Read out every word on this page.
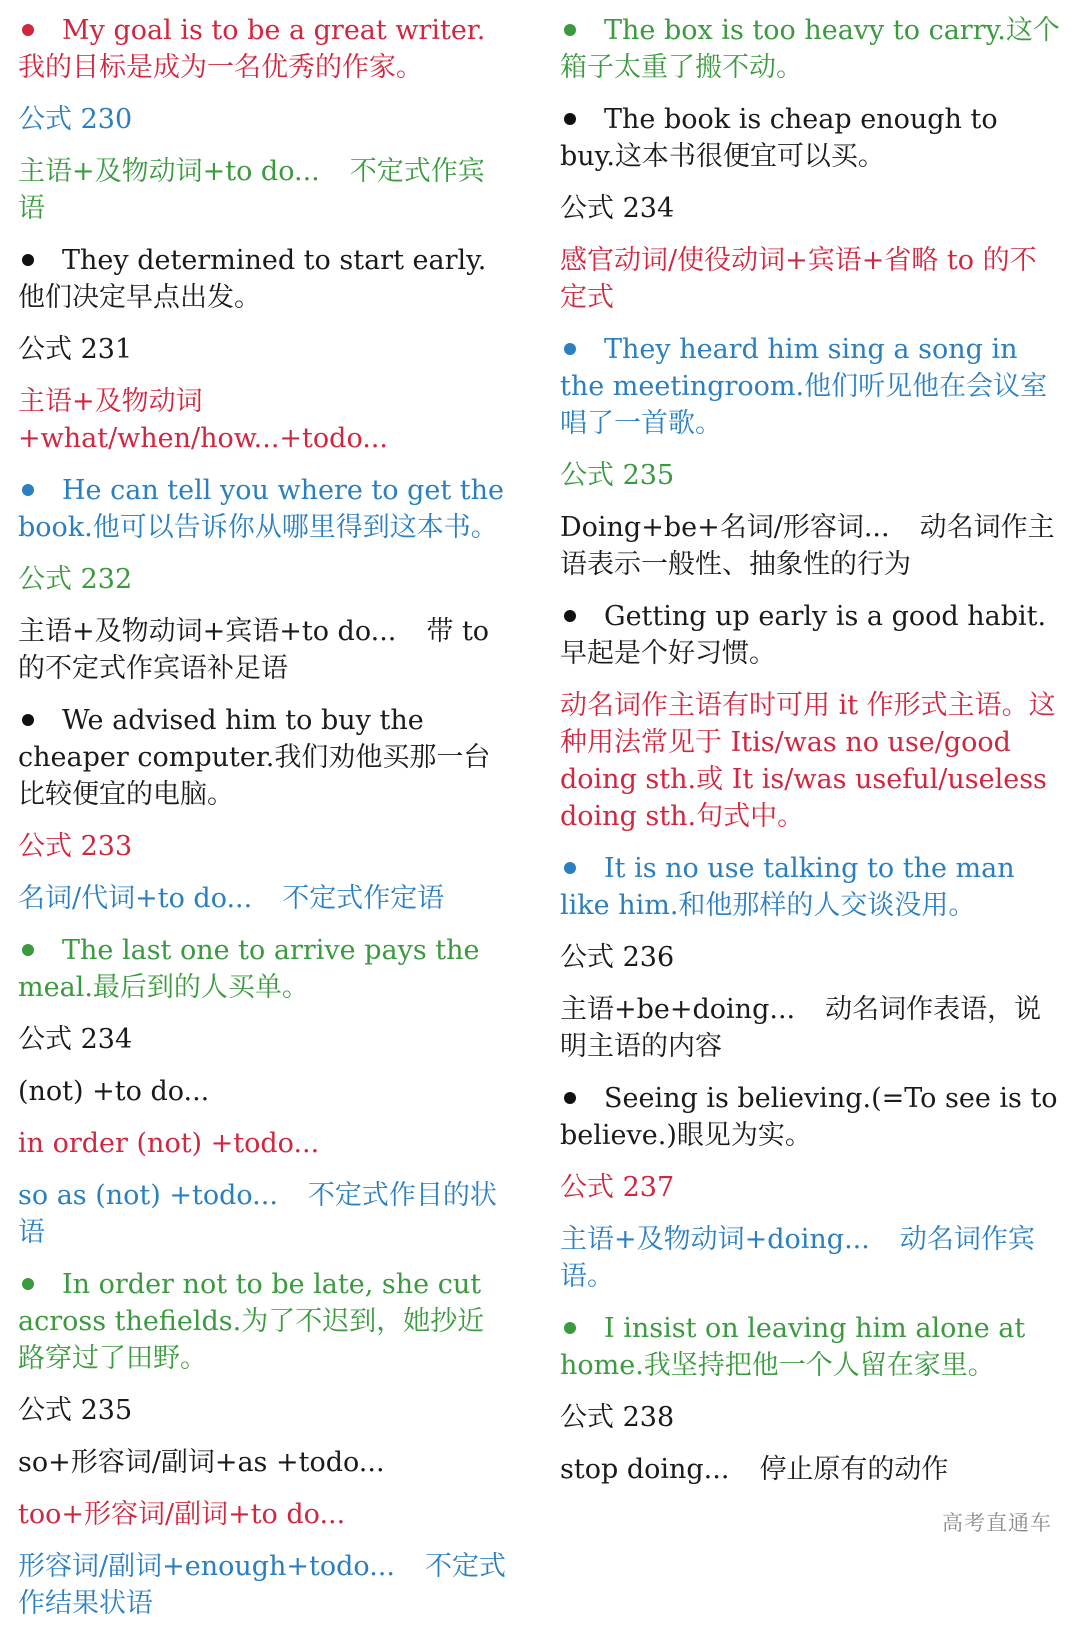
My goal is to be a great writer.我的目标是成为一名优秀的作家。
公式 230
主语+及物动词+to do... 不定式作宾语
They determined to start early.他们决定早点出发。
公式 231
主语+及物动词+what/when/how...+todo...
He can tell you where to get the book.他可以告诉你从哪里得到这本书。
公式 232
主语+及物动词+宾语+to do... 带 to 的不定式作宾语补足语
We advised him to buy the cheaper computer.我们劝他买那一台比较便宜的电脑。
公式 233
名词/代词+to do... 不定式作定语
The last one to arrive pays the meal.最后到的人买单。
公式 234
(not) +to do...
in order (not) +todo...
so as (not) +todo... 不定式作目的状语
In order not to be late, she cut across thefields.为了不迟到，她抄近路穿过了田野。
公式 235
so+形容词/副词+as +todo...
too+形容词/副词+to do...
形容词/副词+enough+todo... 不定式作结果状语
The box is too heavy to carry.这个箱子太重了搬不动。
The book is cheap enough to buy.这本书很便宜可以买。
公式 234
感官动词/使役动词+宾语+省略 to 的不定式
They heard him sing a song in the meetingroom.他们听见他在会议室唱了一首歌。
公式 235
Doing+be+名词/形容词... 动名词作主语表示一般性、抽象性的行为
Getting up early is a good habit.早起是个好习惯。
动名词作主语有时可用 it 作形式主语。这种用法常见于 Itis/was no use/good doing sth.或 It is/was useful/useless doing sth.句式中。
It is no use talking to the man like him.和他那样的人交谈没用。
公式 236
主语+be+doing... 动名词作表语，说明主语的内容
Seeing is believing.(=To see is to believe.)眼见为实。
公式 237
主语+及物动词+doing... 动名词作宾语。
I insist on leaving him alone at home.我坚持把他一个人留在家里。
公式 238
stop doing... 停止原有的动作
高考直通车
